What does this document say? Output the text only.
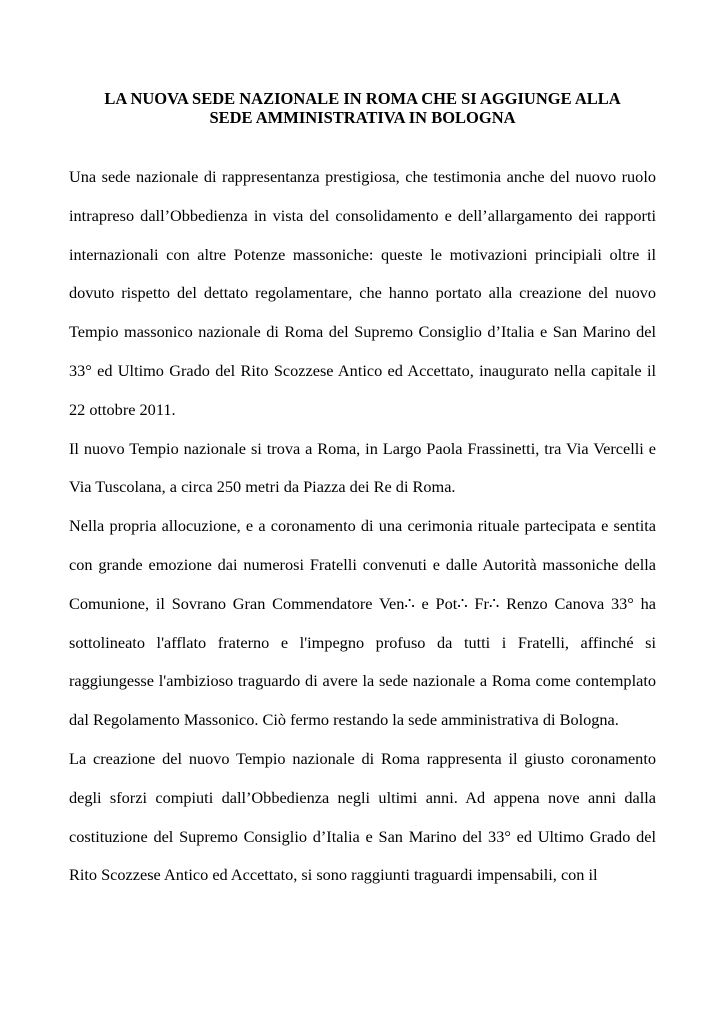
LA NUOVA SEDE NAZIONALE IN ROMA CHE SI AGGIUNGE ALLA
SEDE AMMINISTRATIVA IN BOLOGNA

Una sede nazionale di rappresentanza prestigiosa, che testimonia anche del nuovo ruolo intrapreso dall’Obbedienza in vista del consolidamento e dell’allargamento dei rapporti internazionali con altre Potenze massoniche: queste le motivazioni principiali oltre il dovuto rispetto del dettato regolamentare, che hanno portato alla creazione del nuovo Tempio massonico nazionale di Roma del Supremo Consiglio d’Italia e San Marino del 33° ed Ultimo Grado del Rito Scozzese Antico ed Accettato, inaugurato nella capitale il 22 ottobre 2011.

Il nuovo Tempio nazionale si trova a Roma, in Largo Paola Frassinetti, tra Via Vercelli e Via Tuscolana, a circa 250 metri da Piazza dei Re di Roma.

Nella propria allocuzione, e a coronamento di una cerimonia rituale partecipata e sentita con grande emozione dai numerosi Fratelli convenuti e dalle Autorità massoniche della Comunione, il Sovrano Gran Commendatore Ven∴ e Pot∴ Fr∴ Renzo Canova 33° ha sottolineato l'afflato fraterno e l'impegno profuso da tutti i Fratelli, affinché si raggiungesse l'ambizioso traguardo di avere la sede nazionale a Roma come contemplato dal Regolamento Massonico. Ciò fermo restando la sede amministrativa di Bologna.

La creazione del nuovo Tempio nazionale di Roma rappresenta il giusto coronamento degli sforzi compiuti dall’Obbedienza negli ultimi anni. Ad appena nove anni dalla costituzione del Supremo Consiglio d’Italia e San Marino del 33° ed Ultimo Grado del Rito Scozzese Antico ed Accettato, si sono raggiunti traguardi impensabili, con il
